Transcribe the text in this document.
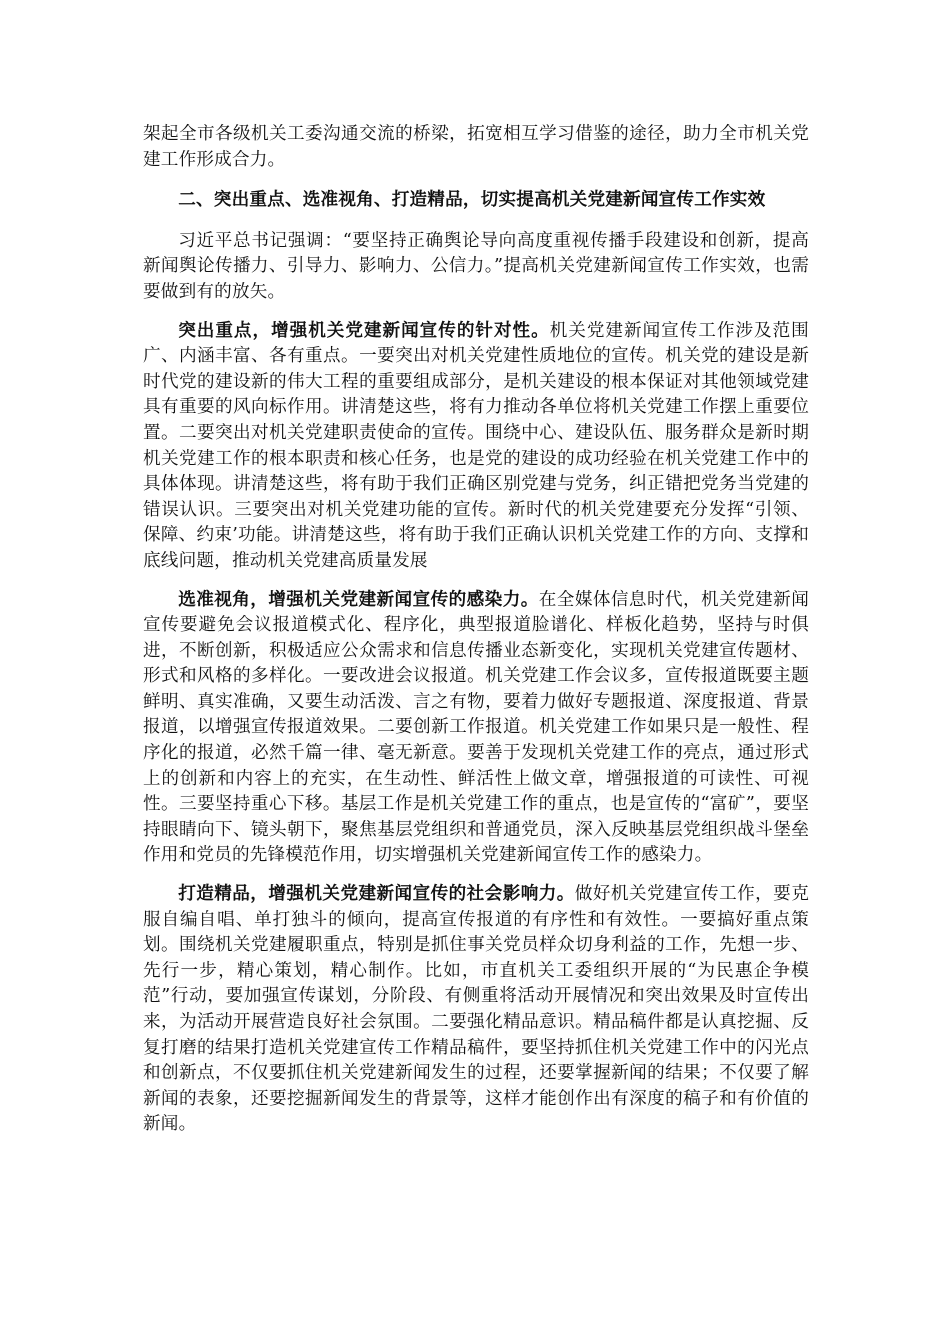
架起全市各级机关工委沟通交流的桥梁，拓宽相互学习借鉴的途径，助力全市机关党建工作形成合力。

二、突出重点、选准视角、打造精品，切实提高机关党建新闻宣传工作实效

习近平总书记强调：“要坚持正确舆论导向高度重视传播手段建设和创新，提高新闻舆论传播力、引导力、影响力、公信力。”提高机关党建新闻宣传工作实效，也需要做到有的放矢。

突出重点，增强机关党建新闻宣传的针对性。机关党建新闻宣传工作涉及范围广、内涵丰富、各有重点。一要突出对机关党建性质地位的宣传。机关党的建设是新时代党的建设新的伟大工程的重要组成部分，是机关建设的根本保证对其他领域党建具有重要的风向标作用。讲清楚这些，将有力推动各单位将机关党建工作摆上重要位置。二要突出对机关党建职责使命的宣传。围绕中心、建设队伍、服务群众是新时期机关党建工作的根本职责和核心任务，也是党的建设的成功经验在机关党建工作中的具体体现。讲清楚这些，将有助于我们正确区别党建与党务，纠正错把党务当党建的错误认识。三要突出对机关党建功能的宣传。新时代的机关党建要充分发挥“引领、保障、约束’功能。讲清楚这些，将有助于我们正确认识机关党建工作的方向、支撑和底线问题，推动机关党建高质量发展

选准视角，增强机关党建新闻宣传的感染力。在全媒体信息时代，机关党建新闻宣传要避免会议报道模式化、程序化，典型报道脸谱化、样板化趋势，坚持与时俱进，不断创新，积极适应公众需求和信息传播业态新变化，实现机关党建宣传题材、形式和风格的多样化。一要改进会议报道。机关党建工作会议多，宣传报道既要主题鲜明、真实准确，又要生动活泼、言之有物，要着力做好专题报道、深度报道、背景报道，以增强宣传报道效果。二要创新工作报道。机关党建工作如果只是一般性、程序化的报道，必然千篇一律、毫无新意。要善于发现机关党建工作的亮点，通过形式上的创新和内容上的充实，在生动性、鲜活性上做文章，增强报道的可读性、可视性。三要坚持重心下移。基层工作是机关党建工作的重点，也是宣传的“富矿”，要坚持眼睛向下、镜头朝下，聚焦基层党组织和普通党员，深入反映基层党组织战斗堡垒作用和党员的先锋模范作用，切实增强机关党建新闻宣传工作的感染力。

打造精品，增强机关党建新闻宣传的社会影响力。做好机关党建宣传工作，要克服自编自唱、单打独斗的倾向，提高宣传报道的有序性和有效性。一要搞好重点策划。围绕机关党建履职重点，特别是抓住事关党员样众切身利益的工作，先想一步、先行一步，精心策划，精心制作。比如，市直机关工委组织开展的“为民惠企争模范”行动，要加强宣传谋划，分阶段、有侧重将活动开展情况和突出效果及时宣传出来，为活动开展营造良好社会氛围。二要强化精品意识。精品稿件都是认真挖掘、反复打磨的结果打造机关党建宣传工作精品稿件，要坚持抓住机关党建工作中的闪光点和创新点，不仅要抓住机关党建新闻发生的过程，还要掌握新闻的结果；不仅要了解新闻的表象，还要挖掘新闻发生的背景等，这样才能创作出有深度的稿子和有价值的新闻。
